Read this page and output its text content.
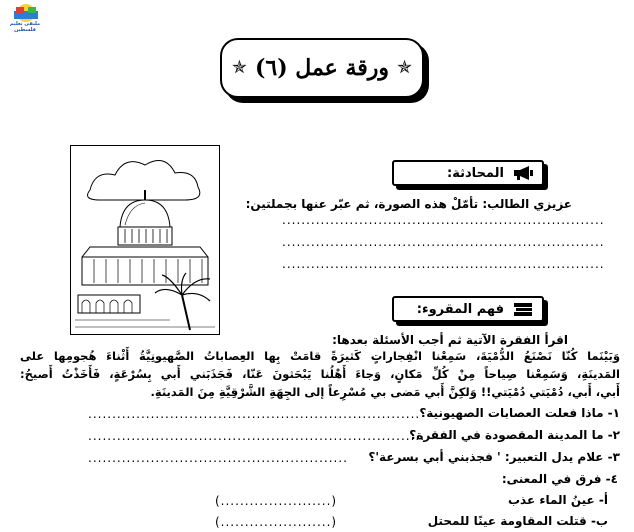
ملتقى تعليم فلسطين
✯
ورقة عمل (٦)
✯
المحادثة:
عزيزي الطالب: تأمّلْ هذه الصورة، ثم عبّر عنها بجملتين:
...................................................................
...................................................................
...................................................................
فهم المقروء:
اقرأ الفقرة الآتية ثم أجب الأسئلة بعدها:
وَبَيْنَما كُنّا نَصْنَعُ الدُّمْيَةَ، سَمِعْنا انْفِجاراتٍ كَثيرَةً قامَتْ بِها العِصاباتُ الصَّهيونِيَّةُ أَثْناءَ هُجومِها على
المَدينَةِ، وَسَمِعْنا صِياحاً مِنْ كُلِّ مَكانٍ، وَجاءَ أَهْلُنا يَبْحَثونَ عَنّا، فَجَذَبَني أَبي بِسُرْعَةٍ، فَأَخَذْتُ أَصيحُ:
أَبي، أَبي، دُمْيَتي دُمْيَتي!! وَلكِنَّ أَبي مَضى بي مُسْرِعاً إلى الجِهَةِ الشَّرْقِيَّةِ مِنَ المَدينَةِ.
١- ماذا فعلت العصابات الصهيونية؟
.....................................................................
٢- ما المدينة المقصودة في الفقرة؟
......................................................................
٣- علام يدل التعبير: ' فجذبني أبي بسرعة'؟
......................................................
٤- فرق في المعنى:
أ- عينُ الماء عذب
(.......................)
ب- قتلت المقاومة عينًا للمحتل
(.......................)
